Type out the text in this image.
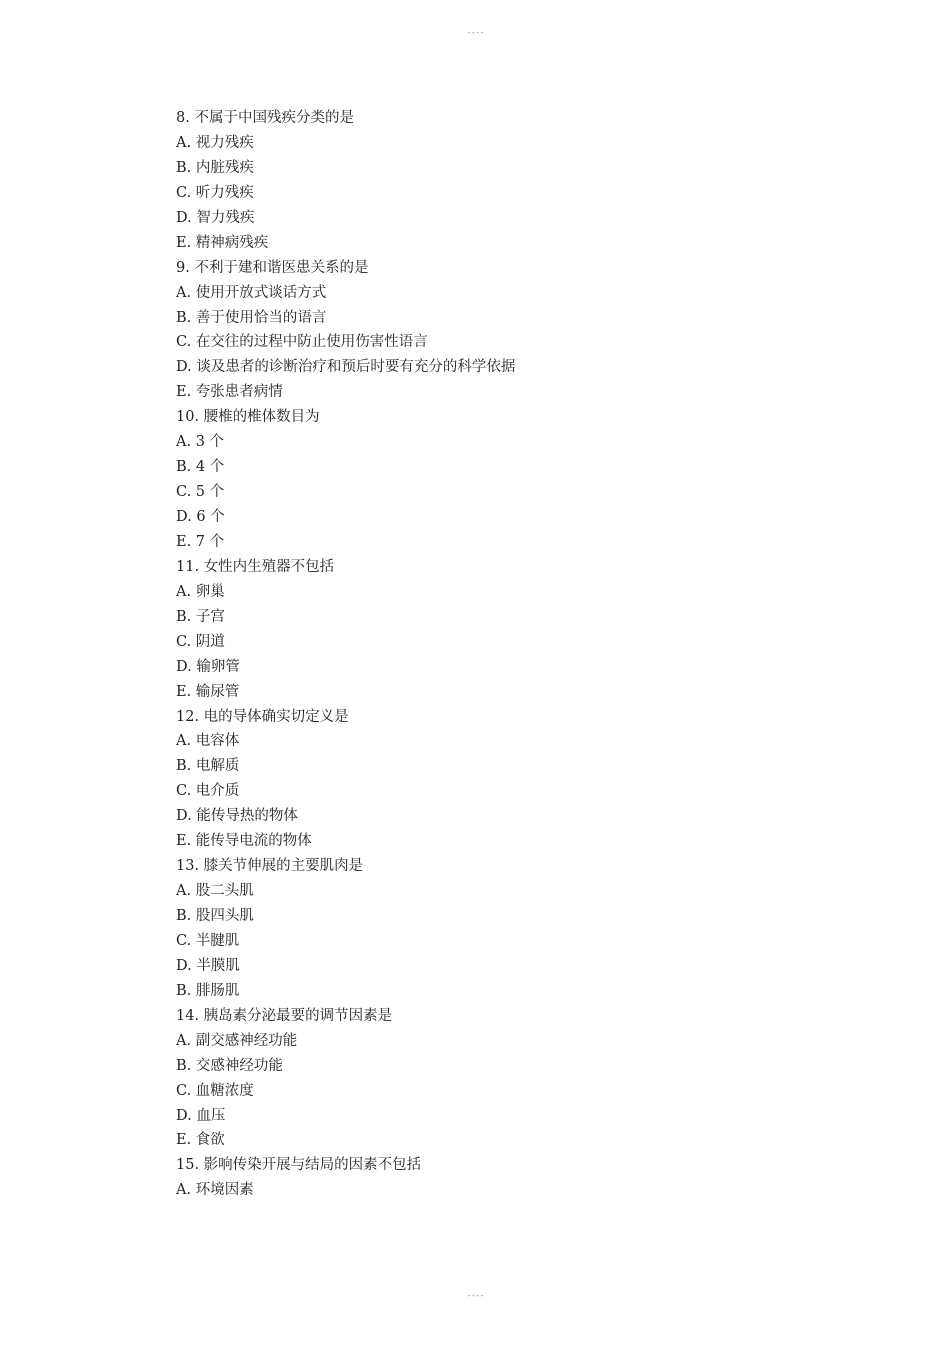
----
8. 不属于中国残疾分类的是
A. 视力残疾
B. 内脏残疾
C. 听力残疾
D. 智力残疾
E. 精神病残疾
9. 不利于建和谐医患关系的是
A. 使用开放式谈话方式
B. 善于使用恰当的语言
C. 在交往的过程中防止使用伤害性语言
D. 谈及患者的诊断治疗和预后时要有充分的科学依据
E. 夸张患者病情
10. 腰椎的椎体数目为
A. 3 个
B. 4 个
C. 5 个
D. 6 个
E. 7 个
11. 女性内生殖器不包括
A. 卵巢
B. 子宫
C. 阴道
D. 输卵管
E. 输尿管
12. 电的导体确实切定义是
A. 电容体
B. 电解质
C. 电介质
D. 能传导热的物体
E. 能传导电流的物体
13. 膝关节伸展的主要肌肉是
A. 股二头肌
B. 股四头肌
C. 半腱肌
D. 半膜肌
B. 腓肠肌
14. 胰岛素分泌最要的调节因素是
A. 副交感神经功能
B. 交感神经功能
C. 血糖浓度
D. 血压
E. 食欲
15. 影响传染开展与结局的因素不包括
A. 环境因素
----
